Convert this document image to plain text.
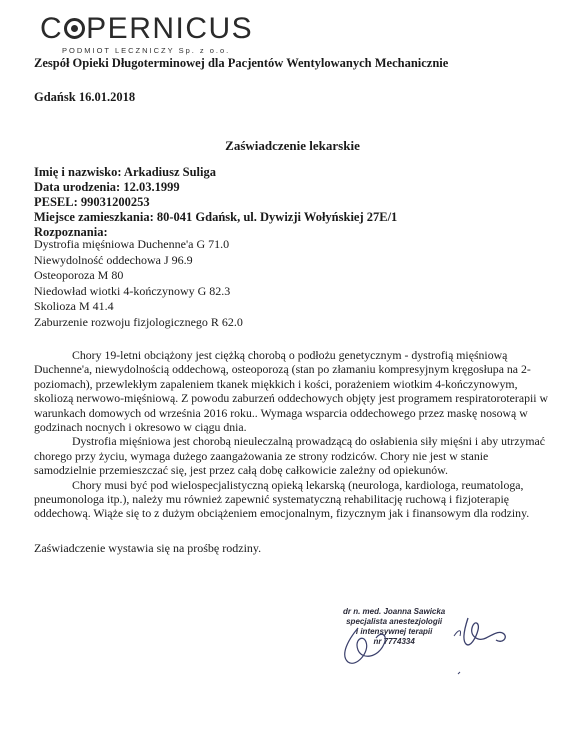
C PERNICUS
PODMIOT LECZNICZY Sp. z o.o.
Zespół Opieki Długoterminowej dla Pacjentów Wentylowanych Mechanicznie
Gdańsk 16.01.2018
Zaświadczenie lekarskie
Imię i nazwisko: Arkadiusz Suliga
Data urodzenia: 12.03.1999
PESEL: 99031200253
Miejsce zamieszkania: 80-041 Gdańsk, ul. Dywizji Wołyńskiej 27E/1
Rozpoznania:
Dystrofia mięśniowa Duchenne'a G 71.0
Niewydolność oddechowa J 96.9
Osteoporoza M 80
Niedowład wiotki 4-kończynowy G 82.3
Skolioza M 41.4
Zaburzenie rozwoju fizjologicznego R 62.0

Chory 19-letni obciążony jest ciężką chorobą o podłożu genetycznym - dystrofią mięśniową Duchenne'a, niewydolnością oddechową, osteoporozą (stan po złamaniu kompresyjnym kręgosłupa na 2-poziomach), przewlekłym zapaleniem tkanek miękkich i kości, porażeniem wiotkim 4-kończynowym, skoliozą nerwowo-mięśniową. Z powodu zaburzeń oddechowych objęty jest programem respiratoroterapii w warunkach domowych od września 2016 roku.. Wymaga wsparcia oddechowego przez maskę nosową w godzinach nocnych i okresowo w ciągu dnia.

Dystrofia mięśniowa jest chorobą nieuleczalną prowadzącą do osłabienia siły mięśni i aby utrzymać chorego przy życiu, wymaga dużego zaangażowania ze strony rodziców. Chory nie jest w stanie samodzielnie przemieszczać się, jest przez całą dobę całkowicie zależny od opiekunów.

Chory musi być pod wielospecjalistyczną opieką lekarską (neurologa, kardiologa, reumatologa, pneumonologa itp.), należy mu również zapewnić systematyczną rehabilitację ruchową i fizjoterapię oddechową. Wiąże się to z dużym obciążeniem emocjonalnym, fizycznym jak i finansowym dla rodziny.

Zaświadczenie wystawia się na prośbę rodziny.
dr n. med. Joanna Sawicka
specjalista anestezjologii
i intensywnej terapii
nr 7774334
